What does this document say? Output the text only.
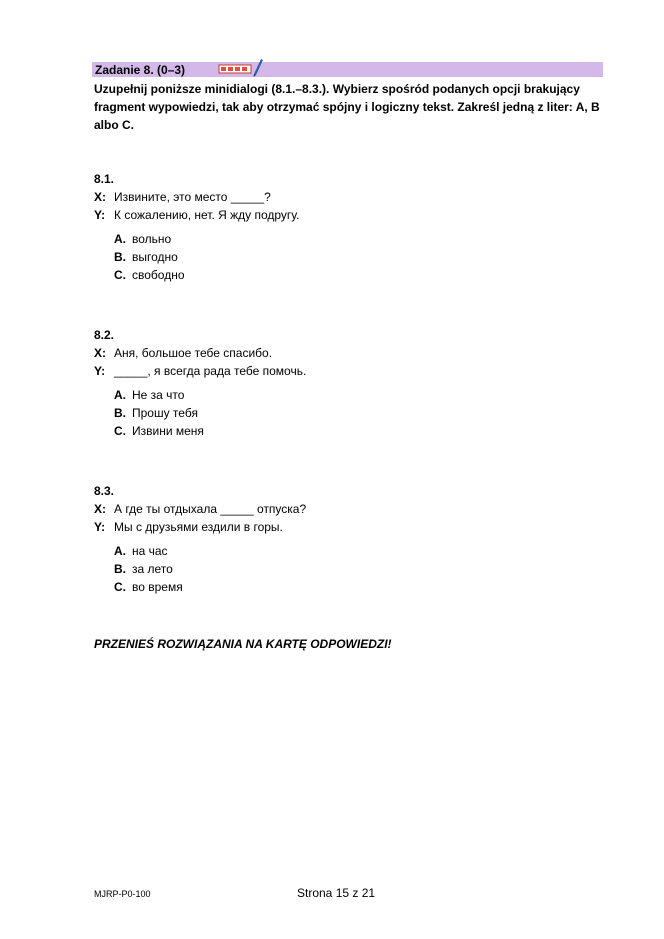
Zadanie 8. (0–3)
Uzupełnij poniższe minidialogi (8.1.–8.3.). Wybierz spośród podanych opcji brakujący fragment wypowiedzi, tak aby otrzymać spójny i logiczny tekst. Zakreśl jedną z liter: A, B albo C.
8.1.
X: Извините, это место _____?
Y: К сожалению, нет. Я жду подругу.
A. вольно
B. выгодно
C. свободно
8.2.
X: Аня, большое тебе спасибо.
Y: _____, я всегда рада тебе помочь.
A. Не за что
B. Прошу тебя
C. Извини меня
8.3.
X: А где ты отдыхала _____ отпуска?
Y: Мы с друзьями ездили в горы.
A. на час
B. за лето
C. во время
PRZENIEŚ ROZWIĄZANIA NA KARTĘ ODPOWIEDZI!
MJRP-P0-100	Strona 15 z 21
